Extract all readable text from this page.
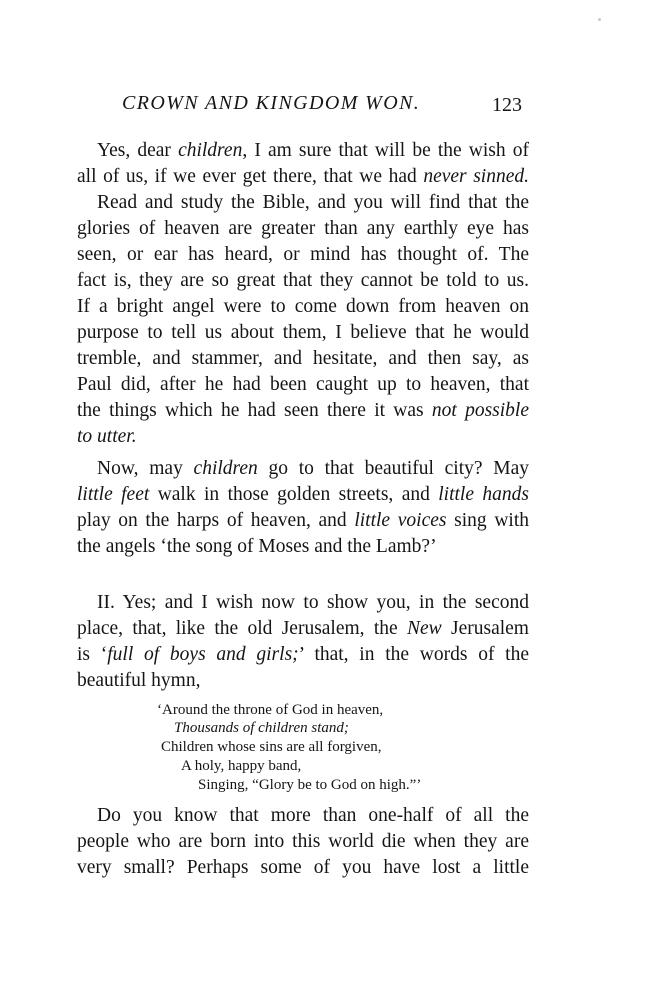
CROWN AND KINGDOM WON.	123
Yes, dear children, I am sure that will be the wish of
all of us, if we ever get there, that we had never sinned.
Read and study the Bible, and you will find that the
glories of heaven are greater than any earthly eye has
seen, or ear has heard, or mind has thought of. The
fact is, they are so great that they cannot be told to us.
If a bright angel were to come down from heaven on
purpose to tell us about them, I believe that he would
tremble, and stammer, and hesitate, and then say, as
Paul did, after he had been caught up to heaven, that
the things which he had seen there it was not possible
to utter.
Now, may children go to that beautiful city? May
little feet walk in those golden streets, and little hands
play on the harps of heaven, and little voices sing with
the angels ‘the song of Moses and the Lamb?’
II. Yes; and I wish now to show you, in the second
place, that, like the old Jerusalem, the New Jerusalem
is ‘full of boys and girls;’ that, in the words of the
beautiful hymn,
‘Around the throne of God in heaven,
Thousands of children stand;
Children whose sins are all forgiven,
A holy, happy band,
Singing, “Glory be to God on high.”’
Do you know that more than one-half of all the
people who are born into this world die when they are
very small? Perhaps some of you have lost a little
